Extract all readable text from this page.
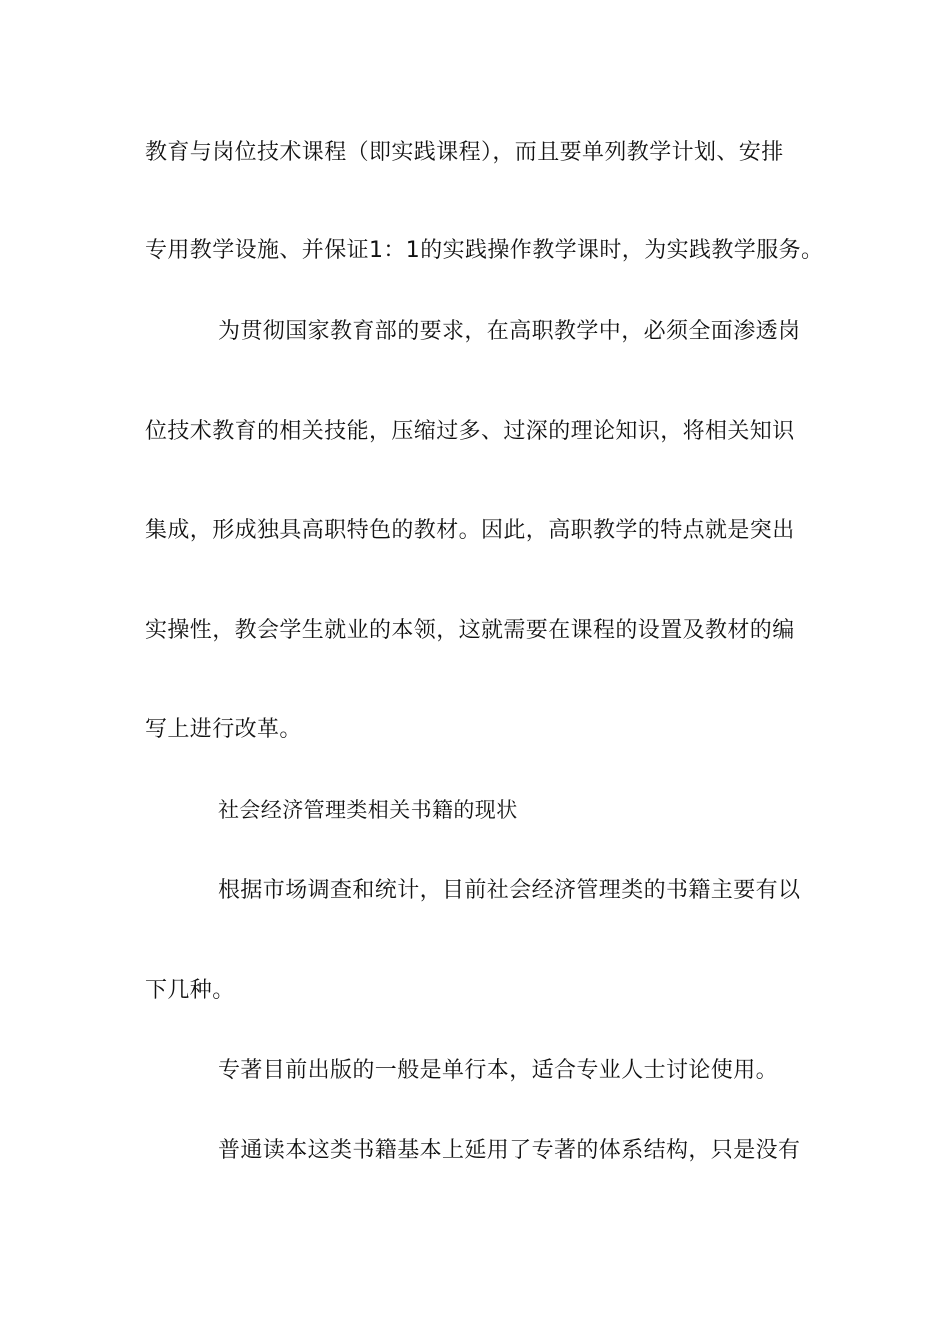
教育与岗位技术课程（即实践课程），而且要单列教学计划、安排
专用教学设施、并保证1：1的实践操作教学课时，为实践教学服务。
为贯彻国家教育部的要求，在高职教学中，必须全面渗透岗
位技术教育的相关技能，压缩过多、过深的理论知识，将相关知识
集成，形成独具高职特色的教材。因此，高职教学的特点就是突出
实操性，教会学生就业的本领，这就需要在课程的设置及教材的编
写上进行改革。
社会经济管理类相关书籍的现状
根据市场调查和统计，目前社会经济管理类的书籍主要有以
下几种。
专著目前出版的一般是单行本，适合专业人士讨论使用。
普通读本这类书籍基本上延用了专著的体系结构，只是没有
